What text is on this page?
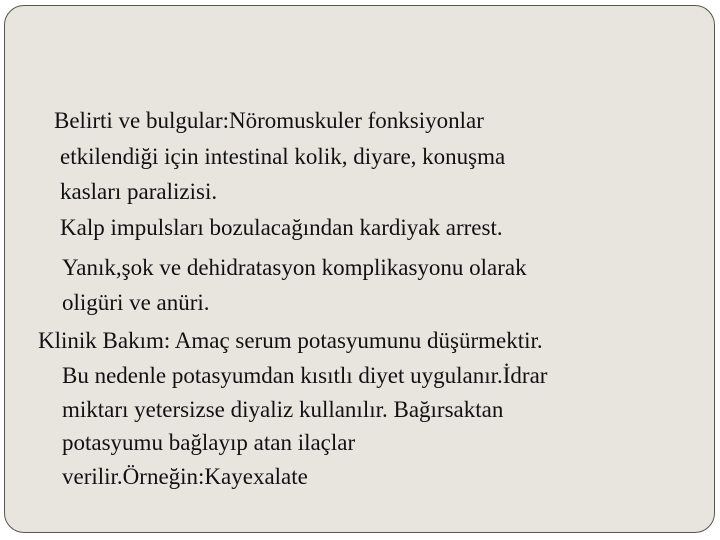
Belirti ve bulgular:Nöromuskuler fonksiyonlar
etkilendiği için intestinal kolik, diyare, konuşma
kasları paralizisi.
Kalp impulsları bozulacağından kardiyak arrest.
Yanık,şok ve dehidratasyon komplikasyonu olarak
oligüri ve anüri.
Klinik Bakım: Amaç serum potasyumunu düşürmektir.
Bu nedenle potasyumdan kısıtlı diyet uygulanır.İdrar
miktarı yetersizse diyaliz kullanılır. Bağırsaktan
potasyumu bağlayıp atan ilaçlar
verilir.Örneğin:Kayexalate
